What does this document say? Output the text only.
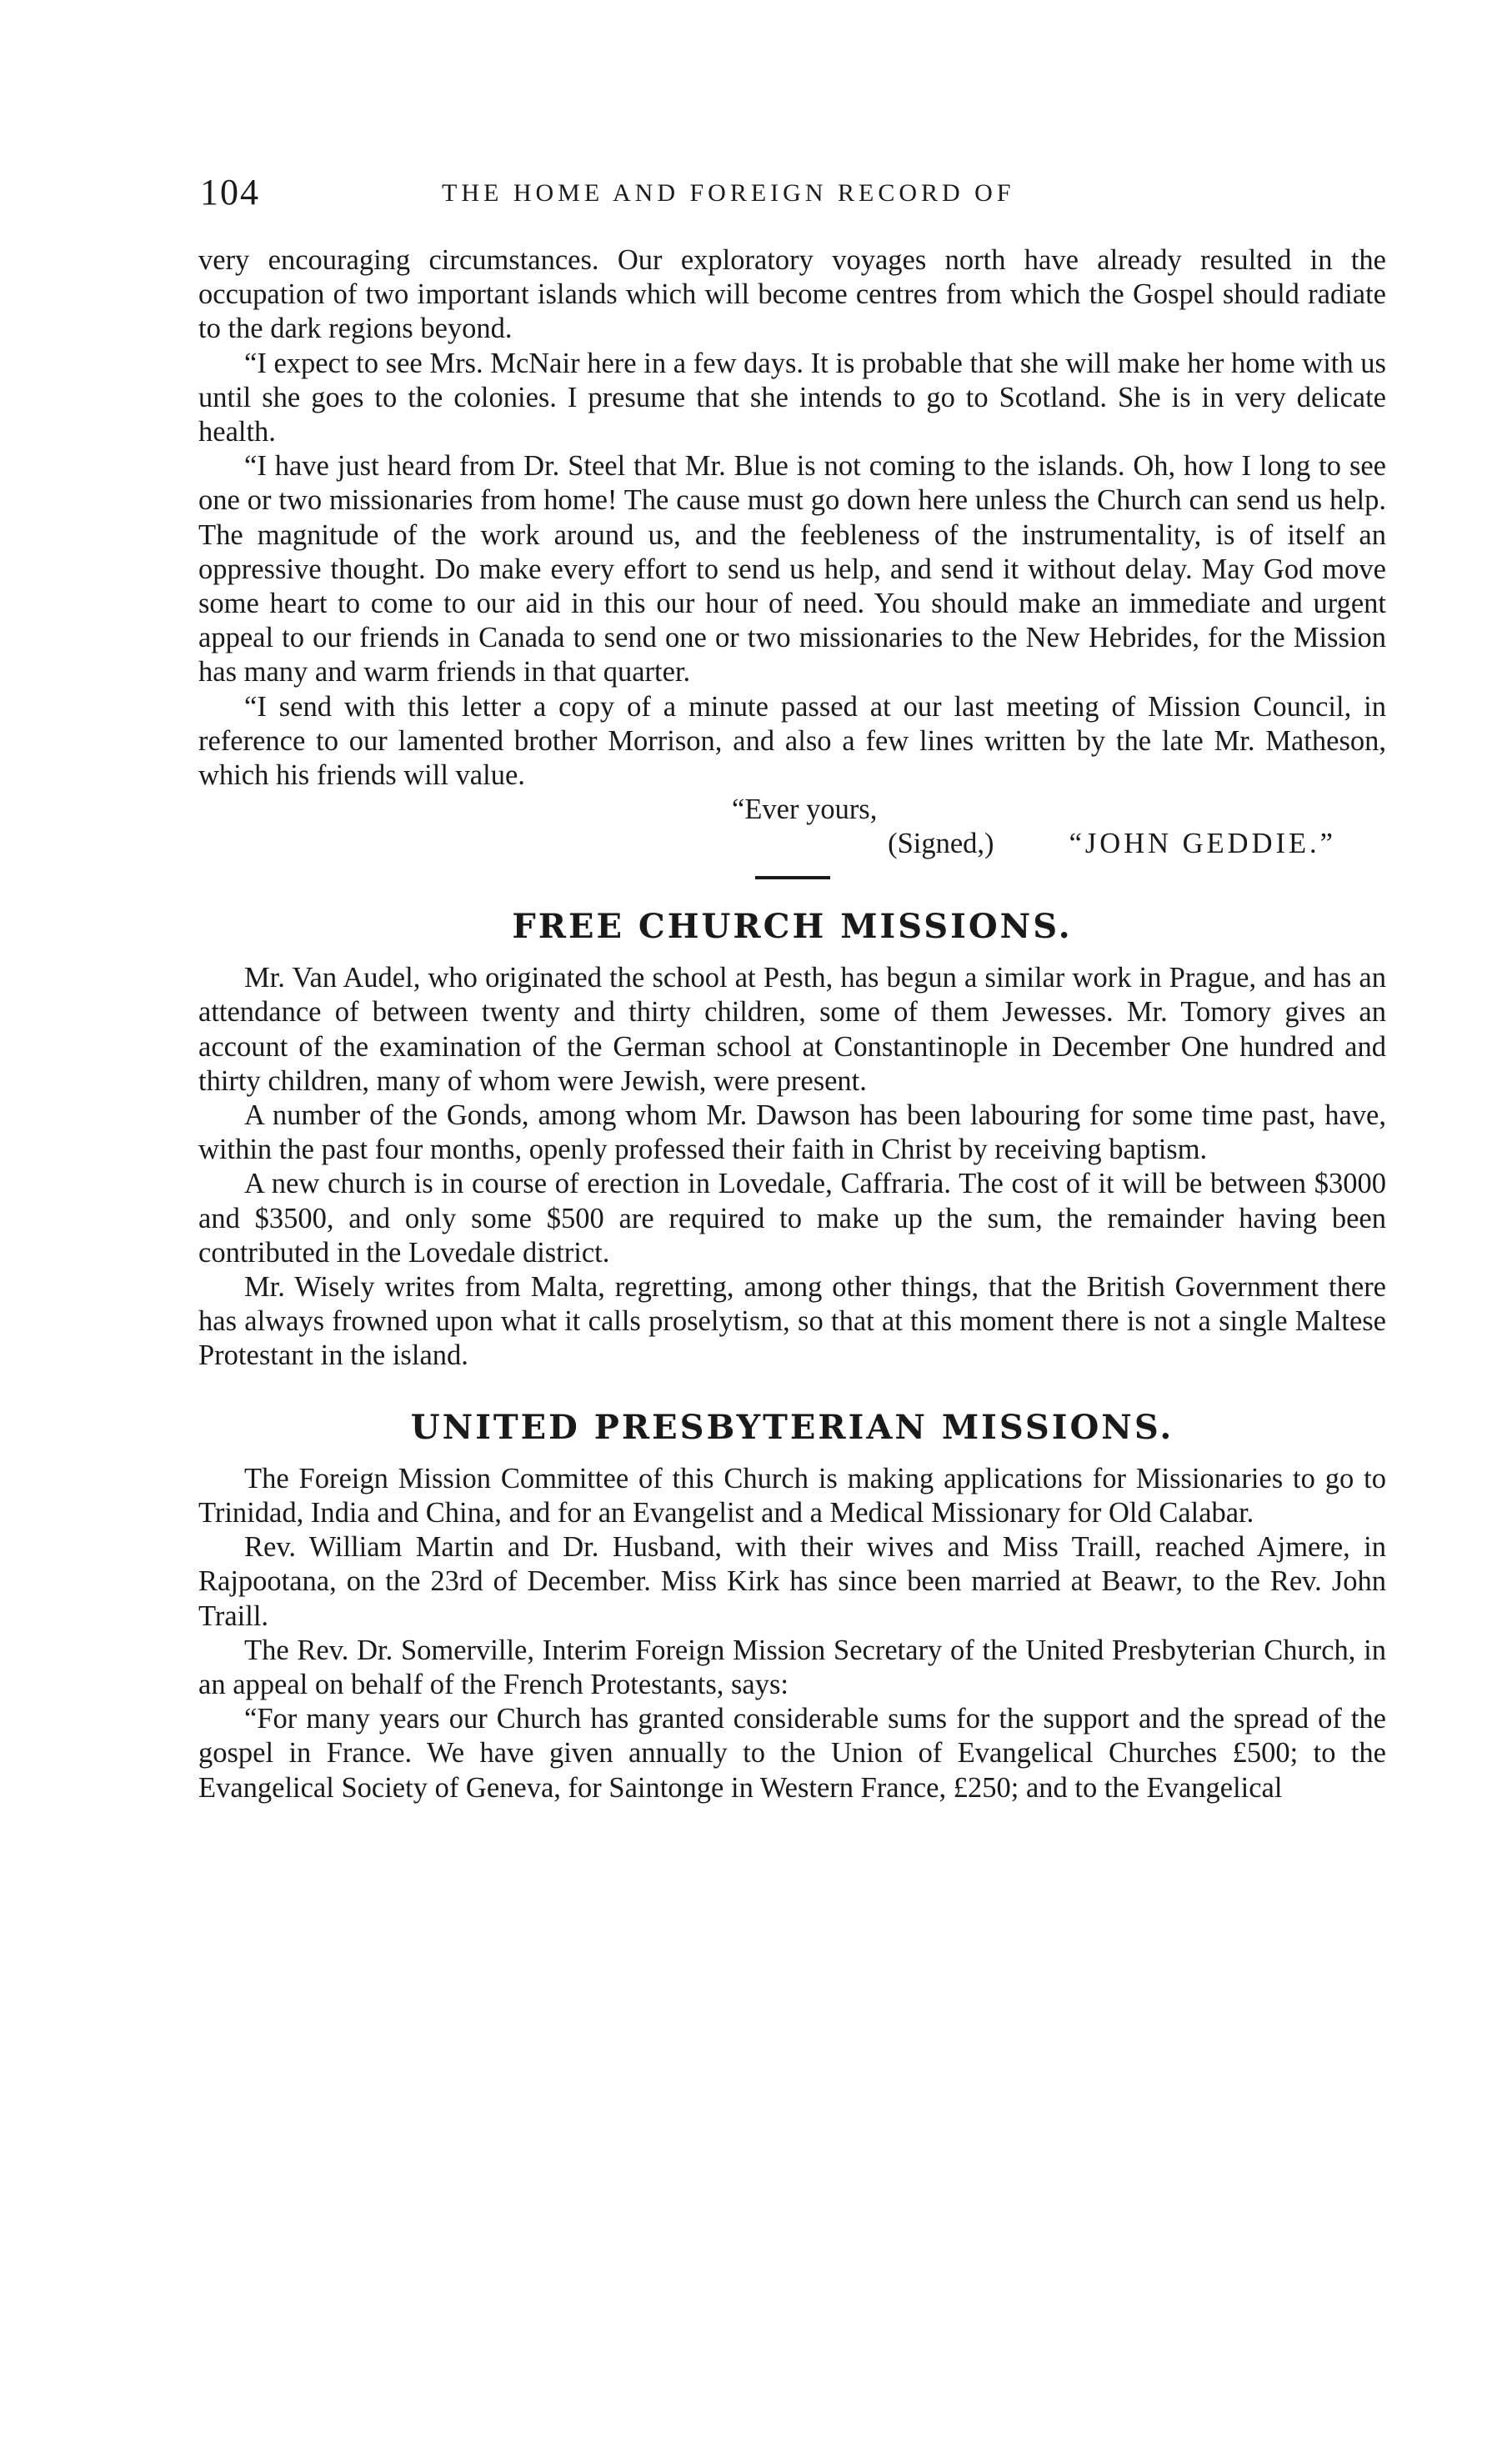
104	THE HOME AND FOREIGN RECORD OF

very encouraging circumstances. Our exploratory voyages north have already resulted in the occupation of two important islands which will become centres from which the Gospel should radiate to the dark regions beyond.

“I expect to see Mrs. McNair here in a few days. It is probable that she will make her home with us until she goes to the colonies. I presume that she intends to go to Scotland. She is in very delicate health.

“I have just heard from Dr. Steel that Mr. Blue is not coming to the islands. Oh, how I long to see one or two missionaries from home! The cause must go down here unless the Church can send us help. The magnitude of the work around us, and the feebleness of the instrumentality, is of itself an oppressive thought. Do make every effort to send us help, and send it without delay. May God move some heart to come to our aid in this our hour of need. You should make an immediate and urgent appeal to our friends in Canada to send one or two missionaries to the New Hebrides, for the Mission has many and warm friends in that quarter.

“I send with this letter a copy of a minute passed at our last meeting of Mission Council, in reference to our lamented brother Morrison, and also a few lines written by the late Mr. Matheson, which his friends will value.

“Ever yours,

(Signed,)	“JOHN GEDDIE.”

FREE CHURCH MISSIONS.

Mr. Van Audel, who originated the school at Pesth, has begun a similar work in Prague, and has an attendance of between twenty and thirty children, some of them Jewesses. Mr. Tomory gives an account of the examination of the German school at Constantinople in December One hundred and thirty children, many of whom were Jewish, were present.

A number of the Gonds, among whom Mr. Dawson has been labouring for some time past, have, within the past four months, openly professed their faith in Christ by receiving baptism.

A new church is in course of erection in Lovedale, Caffraria. The cost of it will be between $3000 and $3500, and only some $500 are required to make up the sum, the remainder having been contributed in the Lovedale district.

Mr. Wisely writes from Malta, regretting, among other things, that the British Government there has always frowned upon what it calls proselytism, so that at this moment there is not a single Maltese Protestant in the island.

UNITED PRESBYTERIAN MISSIONS.

The Foreign Mission Committee of this Church is making applications for Missionaries to go to Trinidad, India and China, and for an Evangelist and a Medical Missionary for Old Calabar.

Rev. William Martin and Dr. Husband, with their wives and Miss Traill, reached Ajmere, in Rajpootana, on the 23rd of December. Miss Kirk has since been married at Beawr, to the Rev. John Traill.

The Rev. Dr. Somerville, Interim Foreign Mission Secretary of the United Presbyterian Church, in an appeal on behalf of the French Protestants, says:

“For many years our Church has granted considerable sums for the support and the spread of the gospel in France. We have given annually to the Union of Evangelical Churches £500; to the Evangelical Society of Geneva, for Saintonge in Western France, £250; and to the Evangelical
